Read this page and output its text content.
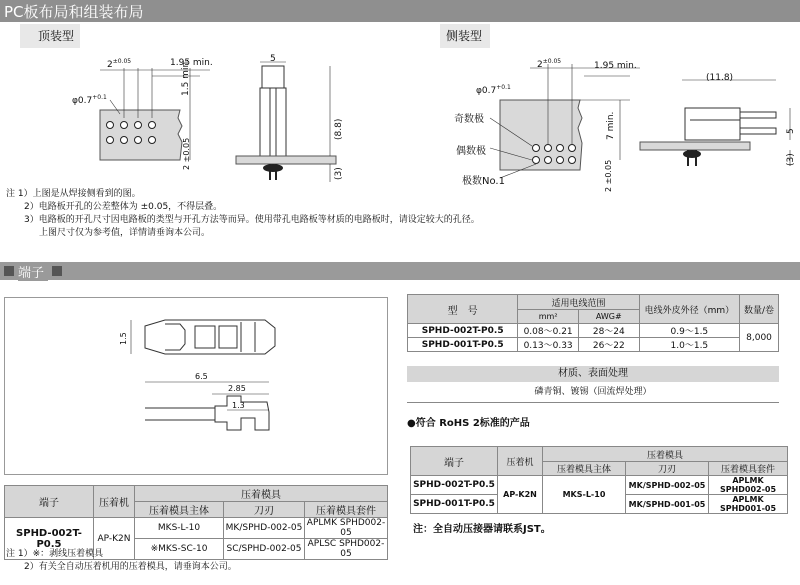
PC板布局和组装布局
顶装型
$2^{\pm 0.05}$	1.95 min.
$\varphi 0.7^{+0.1}$
1.5 min.
2 ±0.05
5
(8.8)
(3)
侧装型
$2^{\pm 0.05}$	1.95 min.
$\varphi 0.7^{+0.1}$
7 min.
2 ±0.05
(11.8)
5
(3)
奇数极
偶数极
极数No.1
注 1）上图是从焊接侧看到的图。
2）电路板开孔的公差整体为 ±0.05，不得层叠。
3）电路板的开孔尺寸因电路板的类型与开孔方法等而异。使用带孔电路板等材质的电路板时，请设定较大的孔径。
上图尺寸仅为参考值，详情请垂询本公司。
端子
1.5
6.5
2.85
1.3
型　号	适用电线范围		电线外皮外径（mm）	数量/卷
	mm²	AWG#		
SPHD-002T-P0.5	0.08～0.21	28～24	0.9～1.5	8,000
SPHD-001T-P0.5	0.13～0.33	26～22	1.0～1.5	
材质、表面处理
磷青铜、镀锡（回流焊处理）
●符合 RoHS 2标准的产品
端子	压着机	压着模具		
		压着模具主体	刀刃	压着模具套件
SPHD-002T-P0.5	AP-K2N	MKS-L-10	MK/SPHD-002-05	APLMK SPHD002-05
SPHD-001T-P0.5			MK/SPHD-001-05	APLMK SPHD001-05
注：全自动压接器请联系JST。
端子	压着机	压着模具		
		压着模具主体	刀刃	压着模具套件
SPHD-002T-P0.5	AP-K2N	MKS-L-10	MK/SPHD-002-05	APLMK SPHD002-05
		※MKS-SC-10	SC/SPHD-002-05	APLSC SPHD002-05
注 1）※：剥线压着模具
2）有关全自动压着机用的压着模具，请垂询本公司。
